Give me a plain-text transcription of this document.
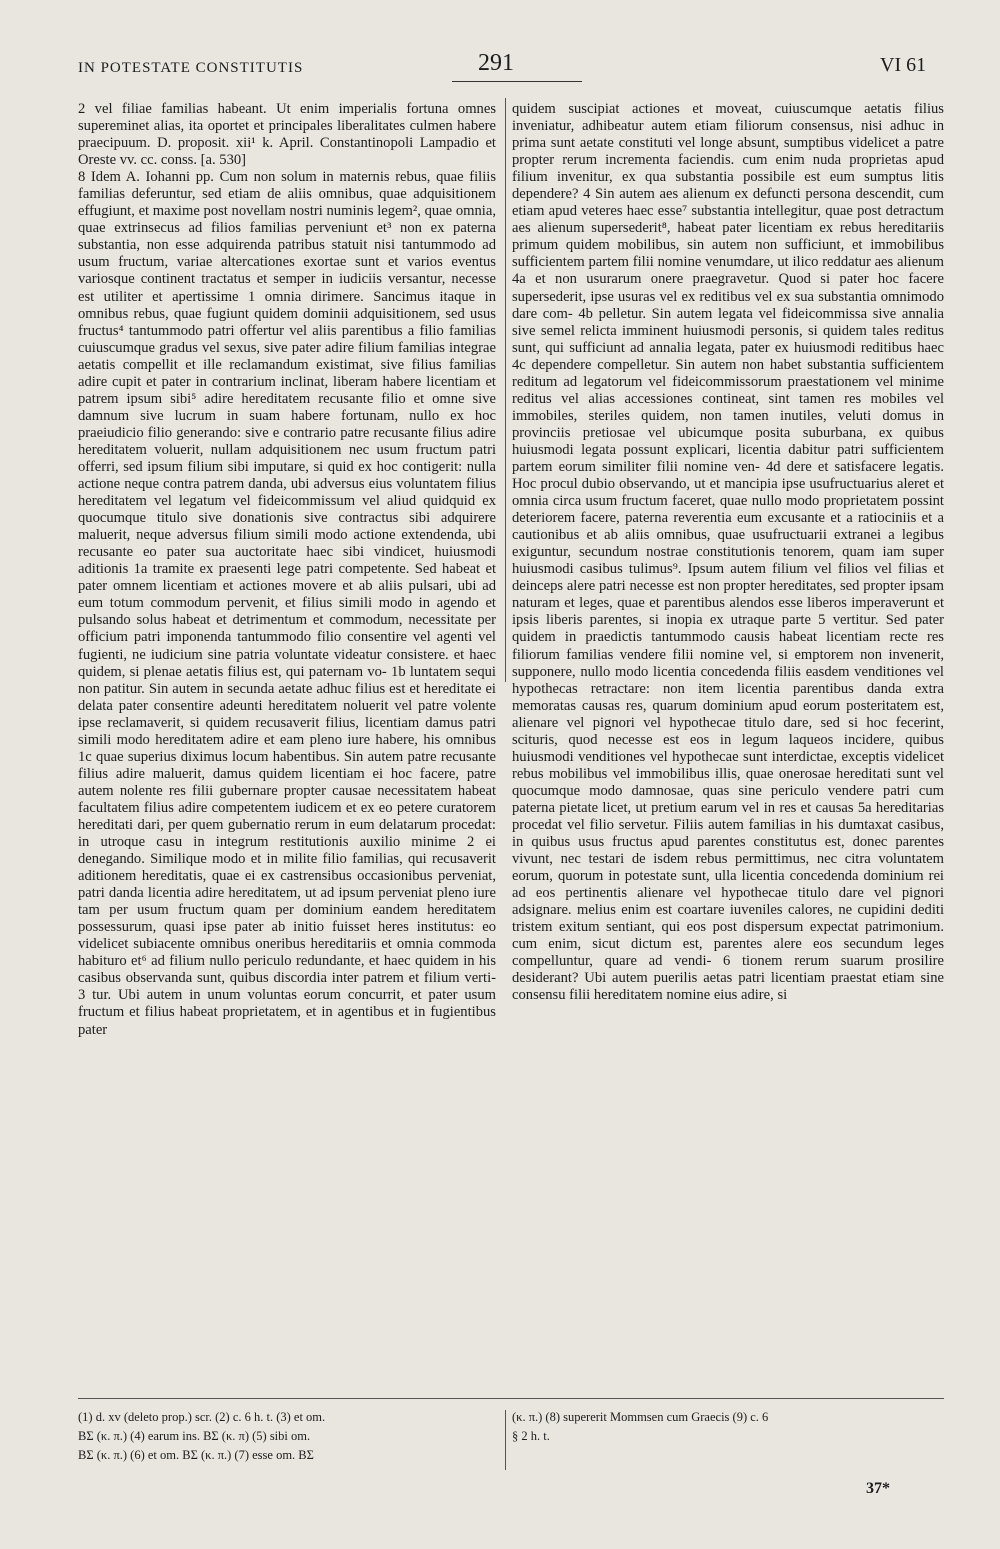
IN POTESTATE CONSTITUTIS	291	VI 61

2 vel filiae familias habeant. Ut enim imperialis fortuna omnes supereminet alias, ita oportet et principales liberalitates culmen habere praecipuum. D. proposit. xii¹ k. April. Constantinopoli Lampadio et Oreste vv. cc. conss. [a. 530]

8 Idem A. Iohanni pp. Cum non solum in maternis rebus, quae filiis familias deferuntur, sed etiam de aliis omnibus, quae adquisitionem effugiunt, et maxime post novellam nostri numinis legem², quae omnia, quae extrinsecus ad filios familias perveniunt et³ non ex paterna substantia, non esse adquirenda patribus statuit nisi tantummodo ad usum fructum, variae altercationes exortae sunt et varios eventus variosque continent tractatus et semper in iudiciis versantur, necesse est utiliter et apertissime 1 omnia dirimere. Sancimus itaque in omnibus rebus, quae fugiunt quidem dominii adquisitionem, sed usus fructus⁴ tantummodo patri offertur vel aliis parentibus a filio familias cuiuscumque gradus vel sexus, sive pater adire filium familias integrae aetatis compellit et ille reclamandum existimat, sive filius familias adire cupit et pater in contrarium inclinat, liberam habere licentiam et patrem ipsum sibi⁵ adire hereditatem recusante filio et omne sive damnum sive lucrum in suam habere fortunam, nullo ex hoc praeiudicio filio generando: sive e contrario patre recusante filius adire hereditatem voluerit, nullam adquisitionem nec usum fructum patri offerri, sed ipsum filium sibi imputare, si quid ex hoc contigerit: nulla actione neque contra patrem danda, ubi adversus eius voluntatem filius hereditatem vel legatum vel fideicommissum vel aliud quidquid ex quocumque titulo sive donationis sive contractus sibi adquirere maluerit, neque adversus filium simili modo actione extendenda, ubi recusante eo pater sua auctoritate haec sibi vindicet, huiusmodi aditionis 1a tramite ex praesenti lege patri competente. Sed habeat et pater omnem licentiam et actiones movere et ab aliis pulsari, ubi ad eum totum commodum pervenit, et filius simili modo in agendo et pulsando solus habeat et detrimentum et commodum, necessitate per officium patri imponenda tantummodo filio consentire vel agenti vel fugienti, ne iudicium sine patria voluntate videatur consistere. et haec quidem, si plenae aetatis filius est, qui paternam vo- 1b luntatem sequi non patitur. Sin autem in secunda aetate adhuc filius est et hereditate ei delata pater consentire adeunti hereditatem noluerit vel patre volente ipse reclamaverit, si quidem recusaverit filius, licentiam damus patri simili modo hereditatem adire et eam pleno iure habere, his omnibus 1c quae superius diximus locum habentibus. Sin autem patre recusante filius adire maluerit, damus quidem licentiam ei hoc facere, patre autem nolente res filii gubernare propter causae necessitatem habeat facultatem filius adire competentem iudicem et ex eo petere curatorem hereditati dari, per quem gubernatio rerum in eum delatarum procedat: in utroque casu in integrum restitutionis auxilio minime 2 ei denegando. Similique modo et in milite filio familias, qui recusaverit aditionem hereditatis, quae ei ex castrensibus occasionibus perveniat, patri danda licentia adire hereditatem, ut ad ipsum perveniat pleno iure tam per usum fructum quam per dominium eandem hereditatem possessurum, quasi ipse pater ab initio fuisset heres institutus: eo videlicet subiacente omnibus oneribus hereditariis et omnia commoda habituro et⁶ ad filium nullo periculo redundante, et haec quidem in his casibus observanda sunt, quibus discordia inter patrem et filium verti- 3 tur. Ubi autem in unum voluntas eorum concurrit, et pater usum fructum et filius habeat proprietatem, et in agentibus et in fugientibus pater

quidem suscipiat actiones et moveat, cuiuscumque aetatis filius inveniatur, adhibeatur autem etiam filiorum consensus, nisi adhuc in prima sunt aetate constituti vel longe absunt, sumptibus videlicet a patre propter rerum incrementa faciendis. cum enim nuda proprietas apud filium invenitur, ex qua substantia possibile est eum sumptus litis dependere? 4 Sin autem aes alienum ex defuncti persona descendit, cum etiam apud veteres haec esse⁷ substantia intellegitur, quae post detractum aes alienum supersederit⁸, habeat pater licentiam ex rebus hereditariis primum quidem mobilibus, sin autem non sufficiunt, et immobilibus sufficientem partem filii nomine venumdare, ut ilico reddatur aes alienum 4a et non usurarum onere praegravetur. Quod si pater hoc facere supersederit, ipse usuras vel ex reditibus vel ex sua substantia omnimodo dare com- 4b pelletur. Sin autem legata vel fideicommissa sive annalia sive semel relicta imminent huiusmodi personis, si quidem tales reditus sunt, qui sufficiunt ad annalia legata, pater ex huiusmodi reditibus haec 4c dependere compelletur. Sin autem non habet substantia sufficientem reditum ad legatorum vel fideicommissorum praestationem vel minime reditus vel alias accessiones contineat, sint tamen res mobiles vel immobiles, steriles quidem, non tamen inutiles, veluti domus in provinciis pretiosae vel ubicumque posita suburbana, ex quibus huiusmodi legata possunt explicari, licentia dabitur patri sufficientem partem eorum similiter filii nomine ven- 4d dere et satisfacere legatis. Hoc procul dubio observando, ut et mancipia ipse usufructuarius aleret et omnia circa usum fructum faceret, quae nullo modo proprietatem possint deteriorem facere, paterna reverentia eum excusante et a ratiociniis et a cautionibus et ab aliis omnibus, quae usufructuarii extranei a legibus exiguntur, secundum nostrae constitutionis tenorem, quam iam super huiusmodi casibus tulimus⁹. Ipsum autem filium vel filios vel filias et deinceps alere patri necesse est non propter hereditates, sed propter ipsam naturam et leges, quae et parentibus alendos esse liberos imperaverunt et ipsis liberis parentes, si inopia ex utraque parte 5 vertitur. Sed pater quidem in praedictis tantummodo causis habeat licentiam recte res filiorum familias vendere filii nomine vel, si emptorem non invenerit, supponere, nullo modo licentia concedenda filiis easdem venditiones vel hypothecas retractare: non item licentia parentibus danda extra memoratas causas res, quarum dominium apud eorum posteritatem est, alienare vel pignori vel hypothecae titulo dare, sed si hoc fecerint, scituris, quod necesse est eos in legum laqueos incidere, quibus huiusmodi venditiones vel hypothecae sunt interdictae, exceptis videlicet rebus mobilibus vel immobilibus illis, quae onerosae hereditati sunt vel quocumque modo damnosae, quas sine periculo vendere patri cum paterna pietate licet, ut pretium earum vel in res et causas 5a hereditarias procedat vel filio servetur. Filiis autem familias in his dumtaxat casibus, in quibus usus fructus apud parentes constitutus est, donec parentes vivunt, nec testari de isdem rebus permittimus, nec citra voluntatem eorum, quorum in potestate sunt, ulla licentia concedenda dominium rei ad eos pertinentis alienare vel hypothecae titulo dare vel pignori adsignare. melius enim est coartare iuveniles calores, ne cupidini dediti tristem exitum sentiant, qui eos post dispersum expectat patrimonium. cum enim, sicut dictum est, parentes alere eos secundum leges compelluntur, quare ad vendi- 6 tionem rerum suarum prosilire desiderant? Ubi autem puerilis aetas patri licentiam praestat etiam sine consensu filii hereditatem nomine eius adire, si

(1) d. xv (deleto prop.) scr. (2) c. 6 h. t. (3) et om.

BΣ (κ. π.) (4) earum ins. BΣ (κ. π) (5) sibi om.

BΣ (κ. π.) (6) et om. BΣ (κ. π.) (7) esse om. BΣ

(κ. π.) (8) supererit Mommsen cum Graecis (9) c. 6

§ 2 h. t.

37*
